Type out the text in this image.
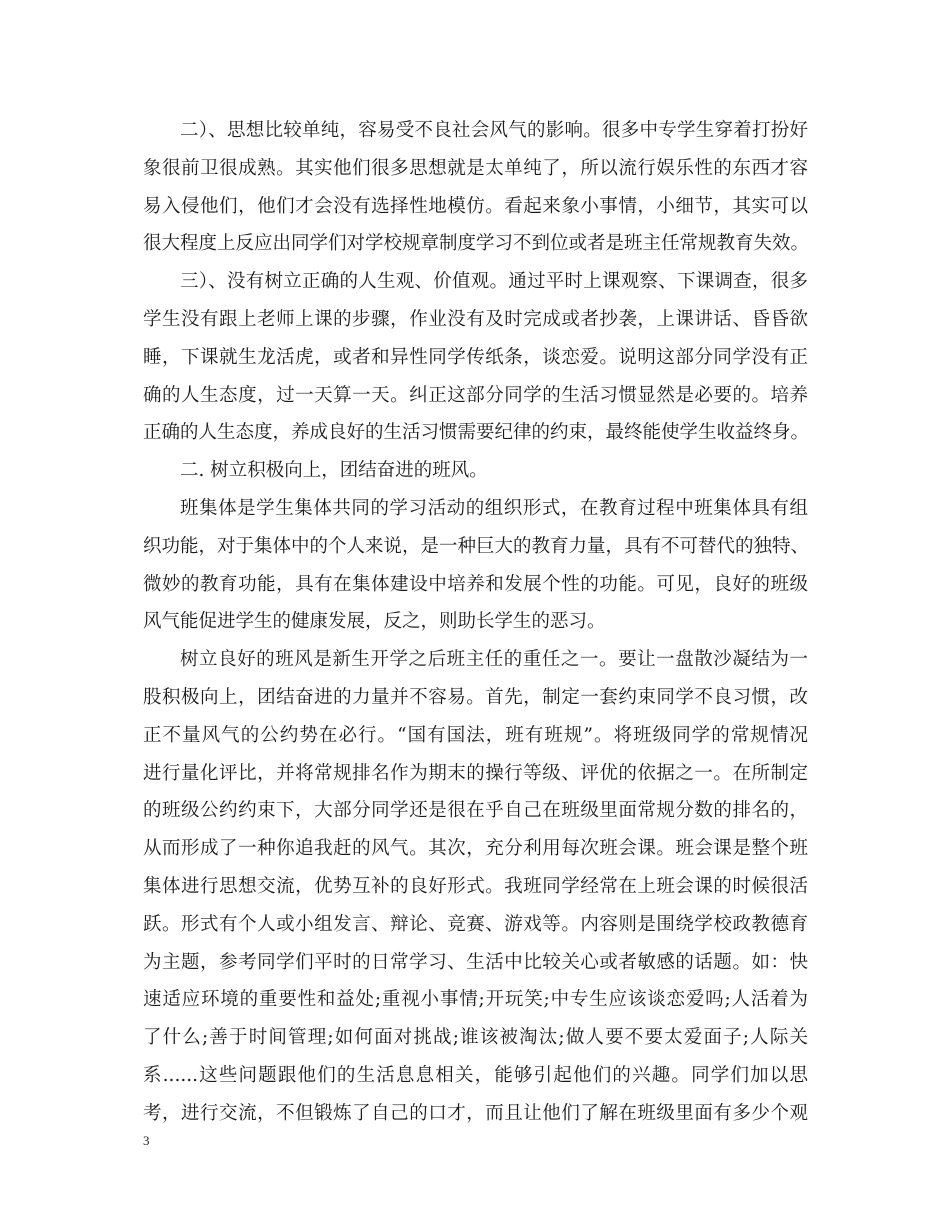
二）、思想比较单纯，容易受不良社会风气的影响。很多中专学生穿着打扮好
象很前卫很成熟。其实他们很多思想就是太单纯了，所以流行娱乐性的东西才容
易入侵他们，他们才会没有选择性地模仿。看起来象小事情，小细节，其实可以
很大程度上反应出同学们对学校规章制度学习不到位或者是班主任常规教育失效。
三）、没有树立正确的人生观、价值观。通过平时上课观察、下课调查，很多
学生没有跟上老师上课的步骤，作业没有及时完成或者抄袭，上课讲话、昏昏欲
睡，下课就生龙活虎，或者和异性同学传纸条，谈恋爱。说明这部分同学没有正
确的人生态度，过一天算一天。纠正这部分同学的生活习惯显然是必要的。培养
正确的人生态度，养成良好的生活习惯需要纪律的约束，最终能使学生收益终身。
二. 树立积极向上，团结奋进的班风。
班集体是学生集体共同的学习活动的组织形式，在教育过程中班集体具有组
织功能，对于集体中的个人来说，是一种巨大的教育力量，具有不可替代的独特、
微妙的教育功能，具有在集体建设中培养和发展个性的功能。可见，良好的班级
风气能促进学生的健康发展，反之，则助长学生的恶习。
树立良好的班风是新生开学之后班主任的重任之一。要让一盘散沙凝结为一
股积极向上，团结奋进的力量并不容易。首先，制定一套约束同学不良习惯，改
正不量风气的公约势在必行。“国有国法，班有班规”。将班级同学的常规情况
进行量化评比，并将常规排名作为期末的操行等级、评优的依据之一。在所制定
的班级公约约束下，大部分同学还是很在乎自己在班级里面常规分数的排名的，
从而形成了一种你追我赶的风气。其次，充分利用每次班会课。班会课是整个班
集体进行思想交流，优势互补的良好形式。我班同学经常在上班会课的时候很活
跃。形式有个人或小组发言、辩论、竞赛、游戏等。内容则是围绕学校政教德育
为主题，参考同学们平时的日常学习、生活中比较关心或者敏感的话题。如：快
速适应环境的重要性和益处;重视小事情;开玩笑;中专生应该谈恋爱吗;人活着为
了什么;善于时间管理;如何面对挑战;谁该被淘汰;做人要不要太爱面子;人际关
系......这些问题跟他们的生活息息相关，能够引起他们的兴趣。同学们加以思
考，进行交流，不但锻炼了自己的口才，而且让他们了解在班级里面有多少个观
3
